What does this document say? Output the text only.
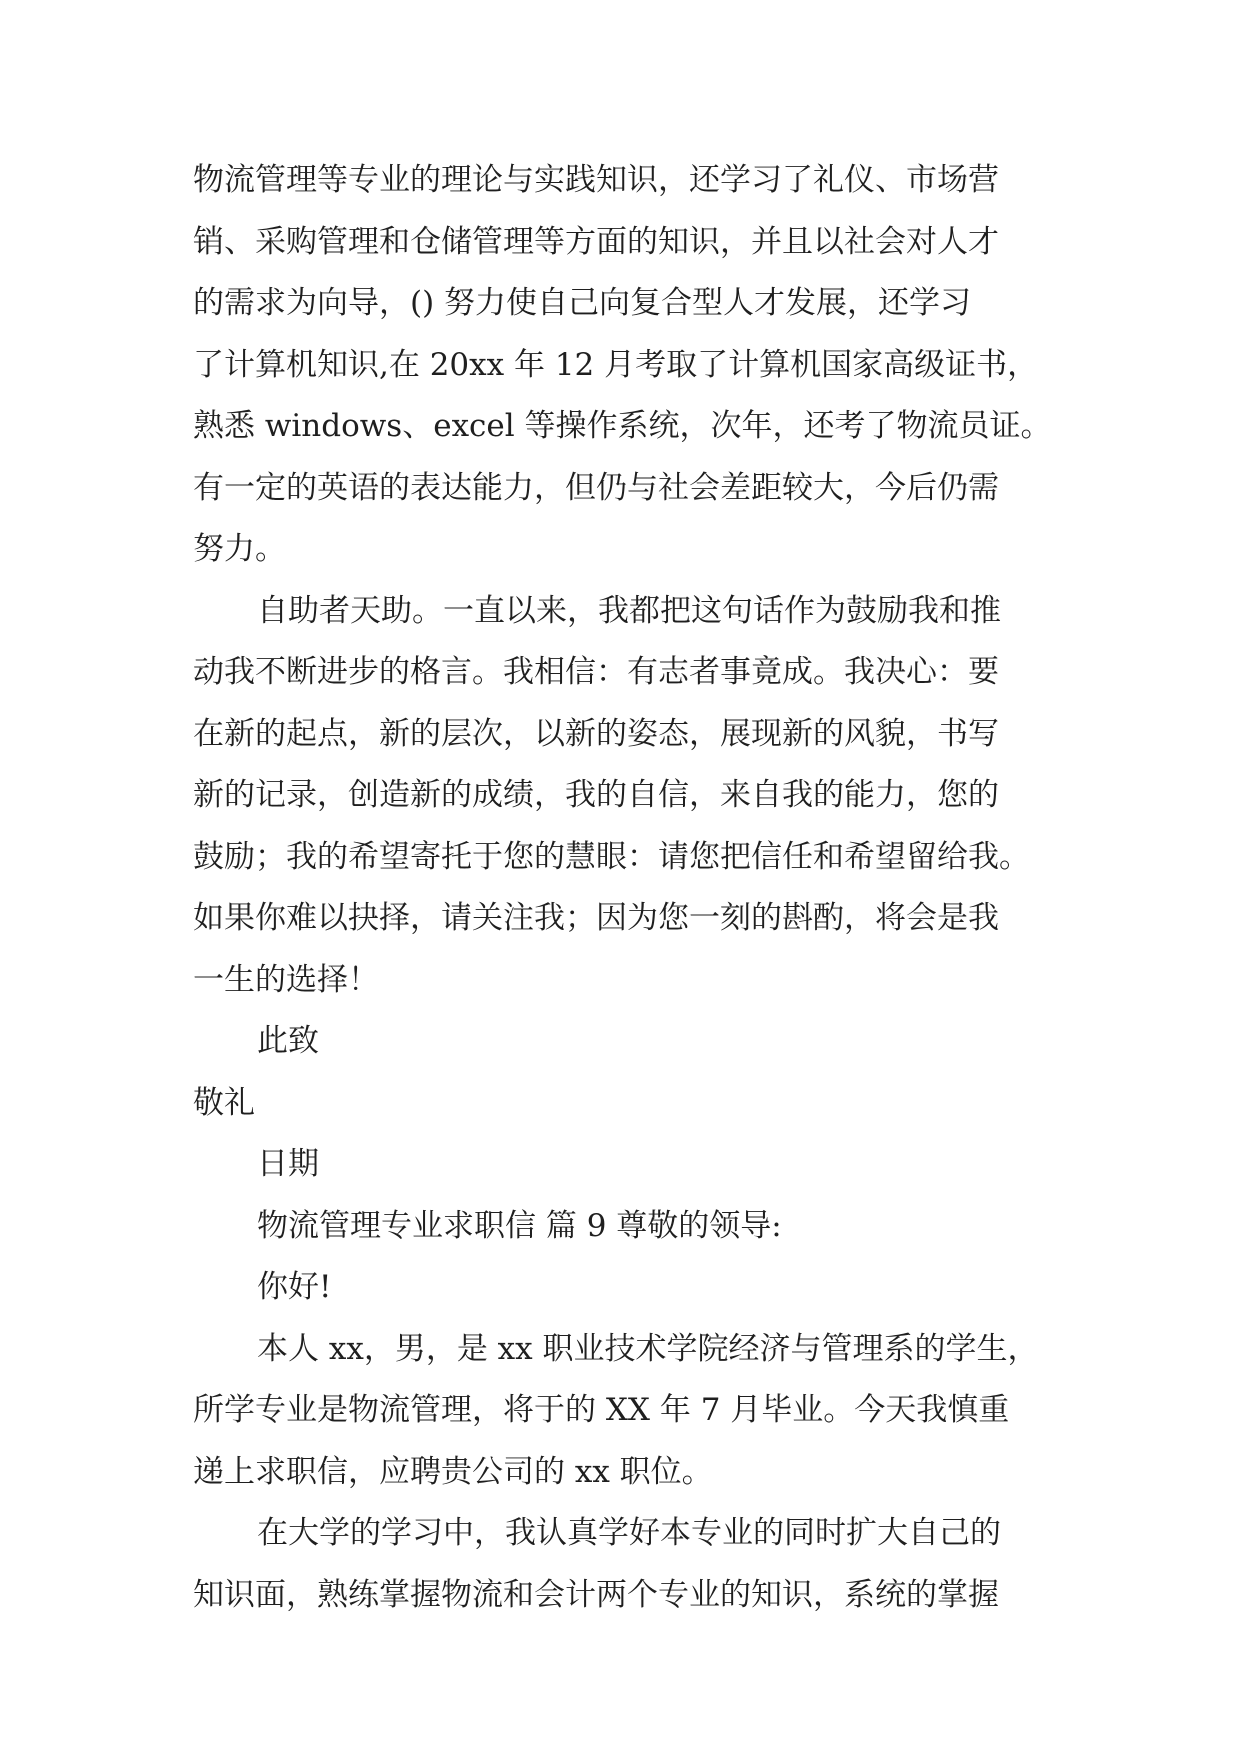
物流管理等专业的理论与实践知识，还学习了礼仪、市场营
销、采购管理和仓储管理等方面的知识，并且以社会对人才
的需求为向导，() 努力使自己向复合型人才发展，还学习
了计算机知识,在 20xx 年 12 月考取了计算机国家高级证书，
熟悉 windows、excel 等操作系统，次年，还考了物流员证。
有一定的英语的表达能力，但仍与社会差距较大，今后仍需
努力。
自助者天助。一直以来，我都把这句话作为鼓励我和推
动我不断进步的格言。我相信：有志者事竟成。我决心：要
在新的起点，新的层次，以新的姿态，展现新的风貌，书写
新的记录，创造新的成绩，我的自信，来自我的能力，您的
鼓励；我的希望寄托于您的慧眼：请您把信任和希望留给我。
如果你难以抉择，请关注我；因为您一刻的斟酌，将会是我
一生的选择！
此致
敬礼
日期
物流管理专业求职信 篇 9 尊敬的领导:
你好!
本人 xx，男，是 xx 职业技术学院经济与管理系的学生，
所学专业是物流管理，将于的 XX 年 7 月毕业。今天我慎重
递上求职信，应聘贵公司的 xx 职位。
在大学的学习中，我认真学好本专业的同时扩大自己的
知识面，熟练掌握物流和会计两个专业的知识，系统的掌握
